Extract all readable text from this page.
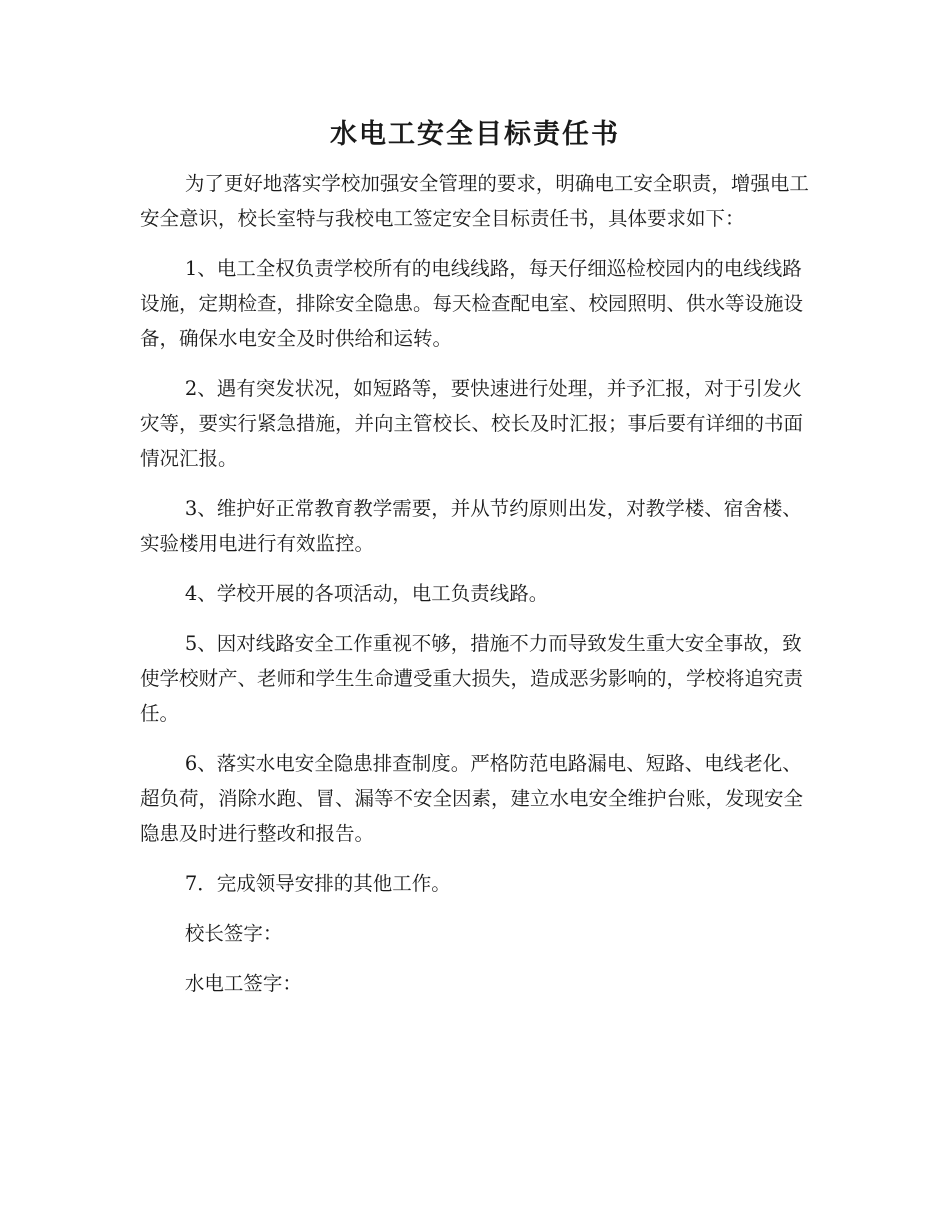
水电工安全目标责任书

为了更好地落实学校加强安全管理的要求，明确电工安全职责，增强电工安全意识，校长室特与我校电工签定安全目标责任书，具体要求如下：

1、电工全权负责学校所有的电线线路，每天仔细巡检校园内的电线线路设施，定期检查，排除安全隐患。每天检查配电室、校园照明、供水等设施设备，确保水电安全及时供给和运转。

2、遇有突发状况，如短路等，要快速进行处理，并予汇报，对于引发火灾等，要实行紧急措施，并向主管校长、校长及时汇报；事后要有详细的书面情况汇报。

3、维护好正常教育教学需要，并从节约原则出发，对教学楼、宿舍楼、实验楼用电进行有效监控。

4、学校开展的各项活动，电工负责线路。

5、因对线路安全工作重视不够，措施不力而导致发生重大安全事故，致使学校财产、老师和学生生命遭受重大损失，造成恶劣影响的，学校将追究责任。

6、落实水电安全隐患排查制度。严格防范电路漏电、短路、电线老化、超负荷，消除水跑、冒、漏等不安全因素，建立水电安全维护台账，发现安全隐患及时进行整改和报告。

7．完成领导安排的其他工作。

校长签字：

水电工签字：
